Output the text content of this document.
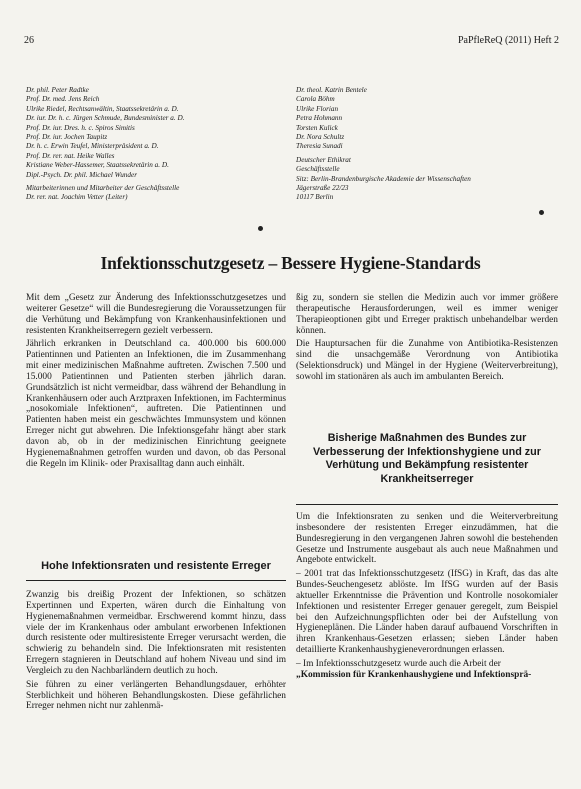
26	PaPfleReQ (2011) Heft 2
Dr. phil. Peter Radtke
Prof. Dr. med. Jens Reich
Ulrike Riedel, Rechtsanwältin, Staatssekretärin a. D.
Dr. iur. Dr. h. c. Jürgen Schmude, Bundesminister a. D.
Prof. Dr. iur. Dres. h. c. Spiros Simitis
Prof. Dr. iur. Jochen Taupitz
Dr. h. c. Erwin Teufel, Ministerpräsident a. D.
Prof. Dr. rer. nat. Heike Walles
Kristiane Weber-Hassemer, Staatssekretärin a. D.
Dipl.-Psych. Dr. phil. Michael Wunder
Mitarbeiterinnen und Mitarbeiter der Geschäftsstelle
Dr. rer. nat. Joachim Vetter (Leiter)
Dr. theol. Katrin Bentele
Carola Böhm
Ulrike Florian
Petra Hohmann
Torsten Kulick
Dr. Nora Schultz
Theresia Sunadi
Deutscher Ethikrat
Geschäftsstelle
Sitz: Berlin-Brandenburgische Akademie der Wissenschaften
Jägerstraße 22/23
10117 Berlin
Infektionsschutzgesetz – Bessere Hygiene-Standards

Mit dem „Gesetz zur Änderung des Infektionsschutzgesetzes und weiterer Gesetze“ will die Bundesregierung die Voraussetzungen für die Verhütung und Bekämpfung von Krankenhausinfektionen und resistenten Krankheitserregern gezielt verbessern.

Jährlich erkranken in Deutschland ca. 400.000 bis 600.000 Patientinnen und Patienten an Infektionen, die im Zusammenhang mit einer medizinischen Maßnahme auftreten. Zwischen 7.500 und 15.000 Patientinnen und Patienten sterben jährlich daran. Grundsätzlich ist nicht vermeidbar, dass während der Behandlung in Krankenhäusern oder auch Arztpraxen Infektionen, im Fachterminus „nosokomiale Infektionen“, auftreten. Die Patientinnen und Patienten haben meist ein geschwächtes Immunsystem und können Erreger nicht gut abwehren. Die Infektionsgefahr hängt aber stark davon ab, ob in der medizinischen Einrichtung geeignete Hygienemaßnahmen getroffen wurden und davon, ob das Personal die Regeln im Klinik- oder Praxisalltag dann auch einhält.

Hohe Infektionsraten und resistente Erreger

Zwanzig bis dreißig Prozent der Infektionen, so schätzen Expertinnen und Experten, wären durch die Einhaltung von Hygienemaßnahmen vermeidbar. Erschwerend kommt hinzu, dass viele der im Krankenhaus oder ambulant erworbenen Infektionen durch resistente oder multiresistente Erreger verursacht werden, die schwierig zu behandeln sind. Die Infektionsraten mit resistenten Erregern stagnieren in Deutschland auf hohem Niveau und sind im Vergleich zu den Nachbarländern deutlich zu hoch.

Sie führen zu einer verlängerten Behandlungsdauer, erhöhter Sterblichkeit und höheren Behandlungskosten. Diese gefährlichen Erreger nehmen nicht nur zahlenmä-

ßig zu, sondern sie stellen die Medizin auch vor immer größere therapeutische Herausforderungen, weil es immer weniger Therapieoptionen gibt und Erreger praktisch unbehandelbar werden können.

Die Hauptursachen für die Zunahme von Antibiotika-Resistenzen sind die unsachgemäße Verordnung von Antibiotika (Selektionsdruck) und Mängel in der Hygiene (Weiterverbreitung), sowohl im stationären als auch im ambulanten Bereich.

Bisherige Maßnahmen des Bundes zur
Verbesserung der Infektionshygiene und zur
Verhütung und Bekämpfung resistenter
Krankheitserreger

Um die Infektionsraten zu senken und die Weiterverbreitung insbesondere der resistenten Erreger einzudämmen, hat die Bundesregierung in den vergangenen Jahren sowohl die bestehenden Gesetze und Instrumente ausgebaut als auch neue Maßnahmen und Angebote entwickelt.

– 2001 trat das Infektionsschutzgesetz (IfSG) in Kraft, das das alte Bundes-Seuchengesetz ablöste. Im IfSG wurden auf der Basis aktueller Erkenntnisse die Prävention und Kontrolle nosokomialer Infektionen und resistenter Erreger genauer geregelt, zum Beispiel bei den Aufzeichnungspflichten oder bei der Aufstellung von Hygieneplänen. Die Länder haben darauf aufbauend Vorschriften in ihren Krankenhaus-Gesetzen erlassen; sieben Länder haben detaillierte Krankenhaushygieneverordnungen erlassen.

– Im Infektionsschutzgesetz wurde auch die Arbeit der

„Kommission für Krankenhaushygiene und Infektionsprä-
